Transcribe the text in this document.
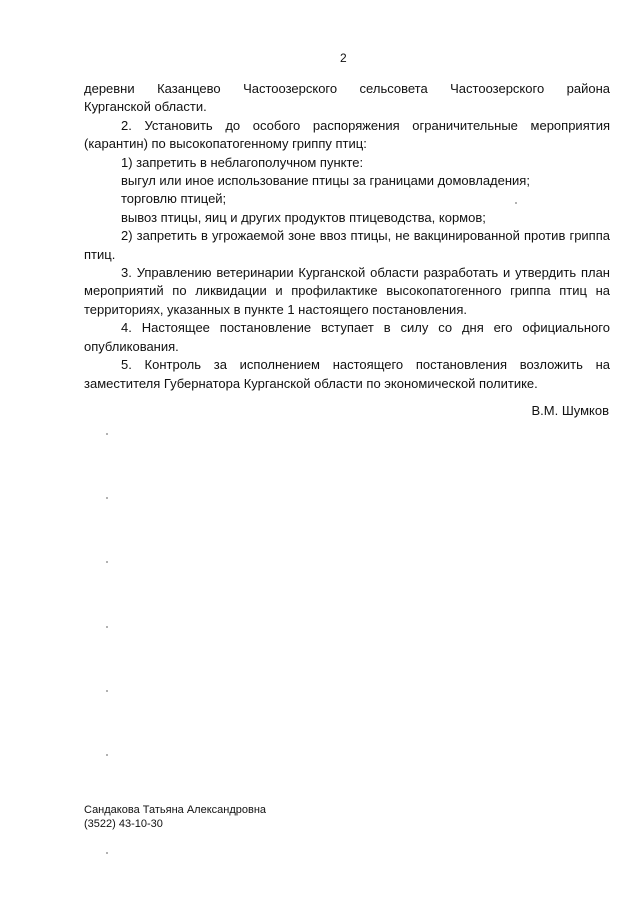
2

деревни Казанцево Частоозерского сельсовета Частоозерского района

Курганской области.

2. Установить до особого распоряжения ограничительные мероприятия (карантин) по высокопатогенному гриппу птиц:

1) запретить в неблагополучном пункте:

выгул или иное использование птицы за границами домовладения;

торговлю птицей;

вывоз птицы, яиц и других продуктов птицеводства, кормов;

2) запретить в угрожаемой зоне ввоз птицы, не вакцинированной против гриппа птиц.

3. Управлению ветеринарии Курганской области разработать и утвердить план мероприятий по ликвидации и профилактике высокопатогенного гриппа птиц на территориях, указанных в пункте 1 настоящего постановления.

4. Настоящее постановление вступает в силу со дня его официального опубликования.

5. Контроль за исполнением настоящего постановления возложить на заместителя Губернатора Курганской области по экономической политике.

В.М. Шумков
Сандакова Татьяна Александровна
(3522) 43-10-30
